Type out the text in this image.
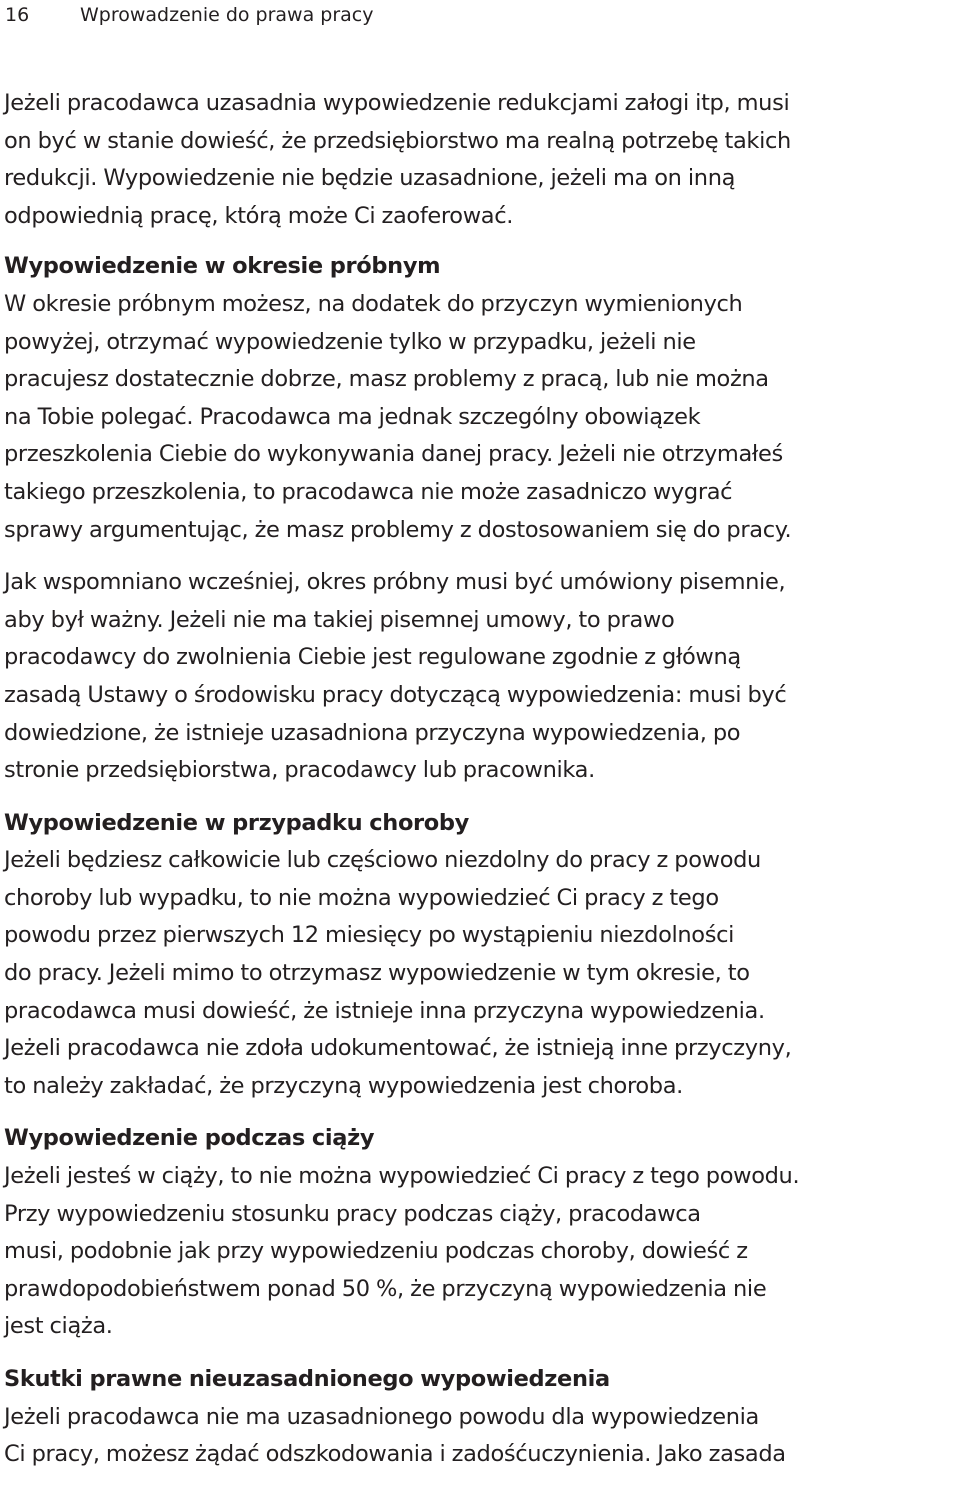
16	Wprowadzenie do prawa pracy
Jeżeli pracodawca uzasadnia wypowiedzenie redukcjami załogi itp, musi
on być w stanie dowieść, że przedsiębiorstwo ma realną potrzebę takich
redukcji. Wypowiedzenie nie będzie uzasadnione, jeżeli ma on inną
odpowiednią pracę, którą może Ci zaoferować.
Wypowiedzenie w okresie próbnym
W okresie próbnym możesz, na dodatek do przyczyn wymienionych
powyżej, otrzymać wypowiedzenie tylko w przypadku, jeżeli nie
pracujesz dostatecznie dobrze, masz problemy z pracą, lub nie można
na Tobie polegać. Pracodawca ma jednak szczególny obowiązek
przeszkolenia Ciebie do wykonywania danej pracy. Jeżeli nie otrzymałeś
takiego przeszkolenia, to pracodawca nie może zasadniczo wygrać
sprawy argumentując, że masz problemy z dostosowaniem się do pracy.
Jak wspomniano wcześniej, okres próbny musi być umówiony pisemnie,
aby był ważny. Jeżeli nie ma takiej pisemnej umowy, to prawo
pracodawcy do zwolnienia Ciebie jest regulowane zgodnie z główną
zasadą Ustawy o środowisku pracy dotyczącą wypowiedzenia: musi być
dowiedzione, że istnieje uzasadniona przyczyna wypowiedzenia, po
stronie przedsiębiorstwa, pracodawcy lub pracownika.
Wypowiedzenie w przypadku choroby
Jeżeli będziesz całkowicie lub częściowo niezdolny do pracy z powodu
choroby lub wypadku, to nie można wypowiedzieć Ci pracy z tego
powodu przez pierwszych 12 miesięcy po wystąpieniu niezdolności
do pracy. Jeżeli mimo to otrzymasz wypowiedzenie w tym okresie, to
pracodawca musi dowieść, że istnieje inna przyczyna wypowiedzenia.
Jeżeli pracodawca nie zdoła udokumentować, że istnieją inne przyczyny,
to należy zakładać, że przyczyną wypowiedzenia jest choroba.
Wypowiedzenie podczas ciąży
Jeżeli jesteś w ciąży, to nie można wypowiedzieć Ci pracy z tego powodu.
Przy wypowiedzeniu stosunku pracy podczas ciąży, pracodawca
musi, podobnie jak przy wypowiedzeniu podczas choroby, dowieść z
prawdopodobieństwem ponad 50 %, że przyczyną wypowiedzenia nie
jest ciąża.
Skutki prawne nieuzasadnionego wypowiedzenia
Jeżeli pracodawca nie ma uzasadnionego powodu dla wypowiedzenia
Ci pracy, możesz żądać odszkodowania i zadośćuczynienia. Jako zasada
